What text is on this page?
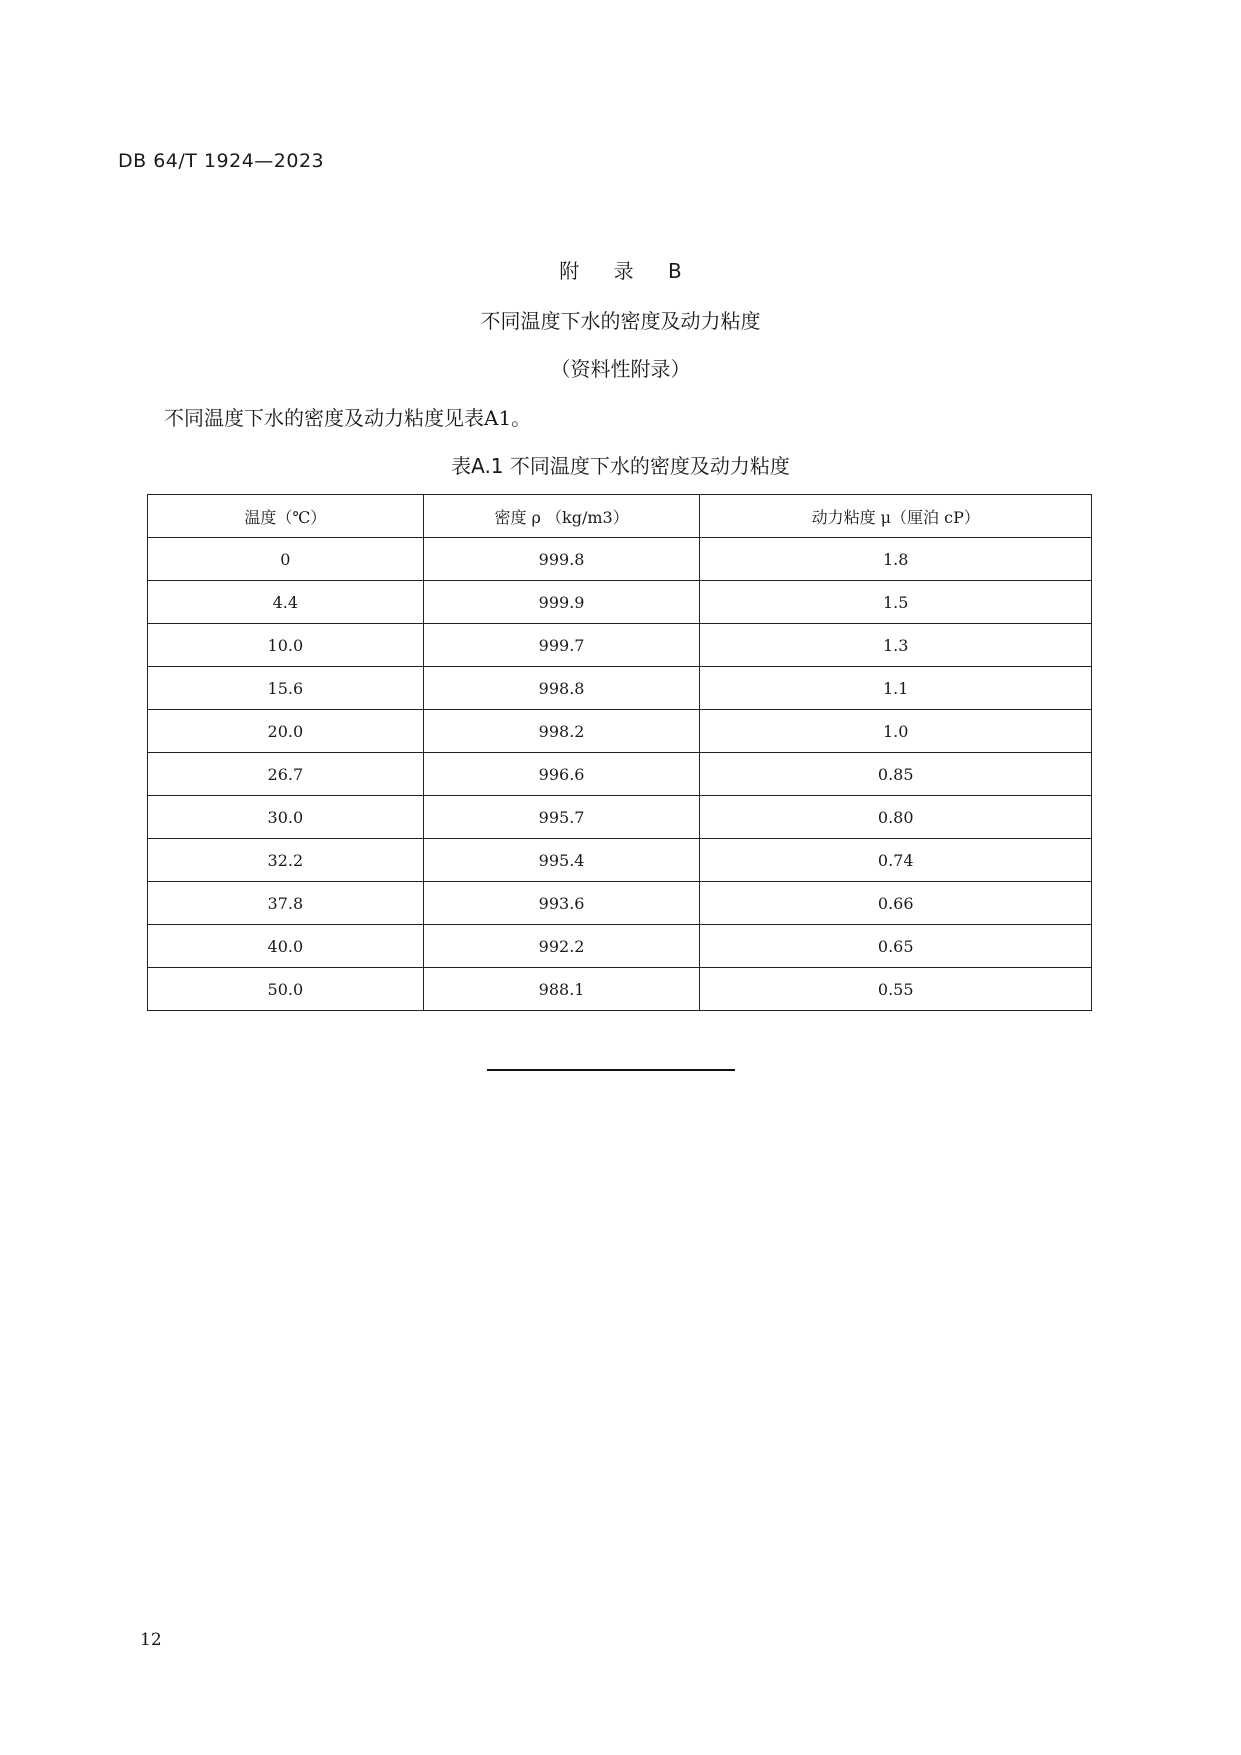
DB 64/T 1924—2023
附 录 B
不同温度下水的密度及动力粘度
（资料性附录）
不同温度下水的密度及动力粘度见表A1。
表A.1 不同温度下水的密度及动力粘度
温度（℃）	密度 ρ （kg/m3）	动力粘度 μ（厘泊 cP）
0	999.8	1.8
4.4	999.9	1.5
10.0	999.7	1.3
15.6	998.8	1.1
20.0	998.2	1.0
26.7	996.6	0.85
30.0	995.7	0.80
32.2	995.4	0.74
37.8	993.6	0.66
40.0	992.2	0.65
50.0	988.1	0.55
12
